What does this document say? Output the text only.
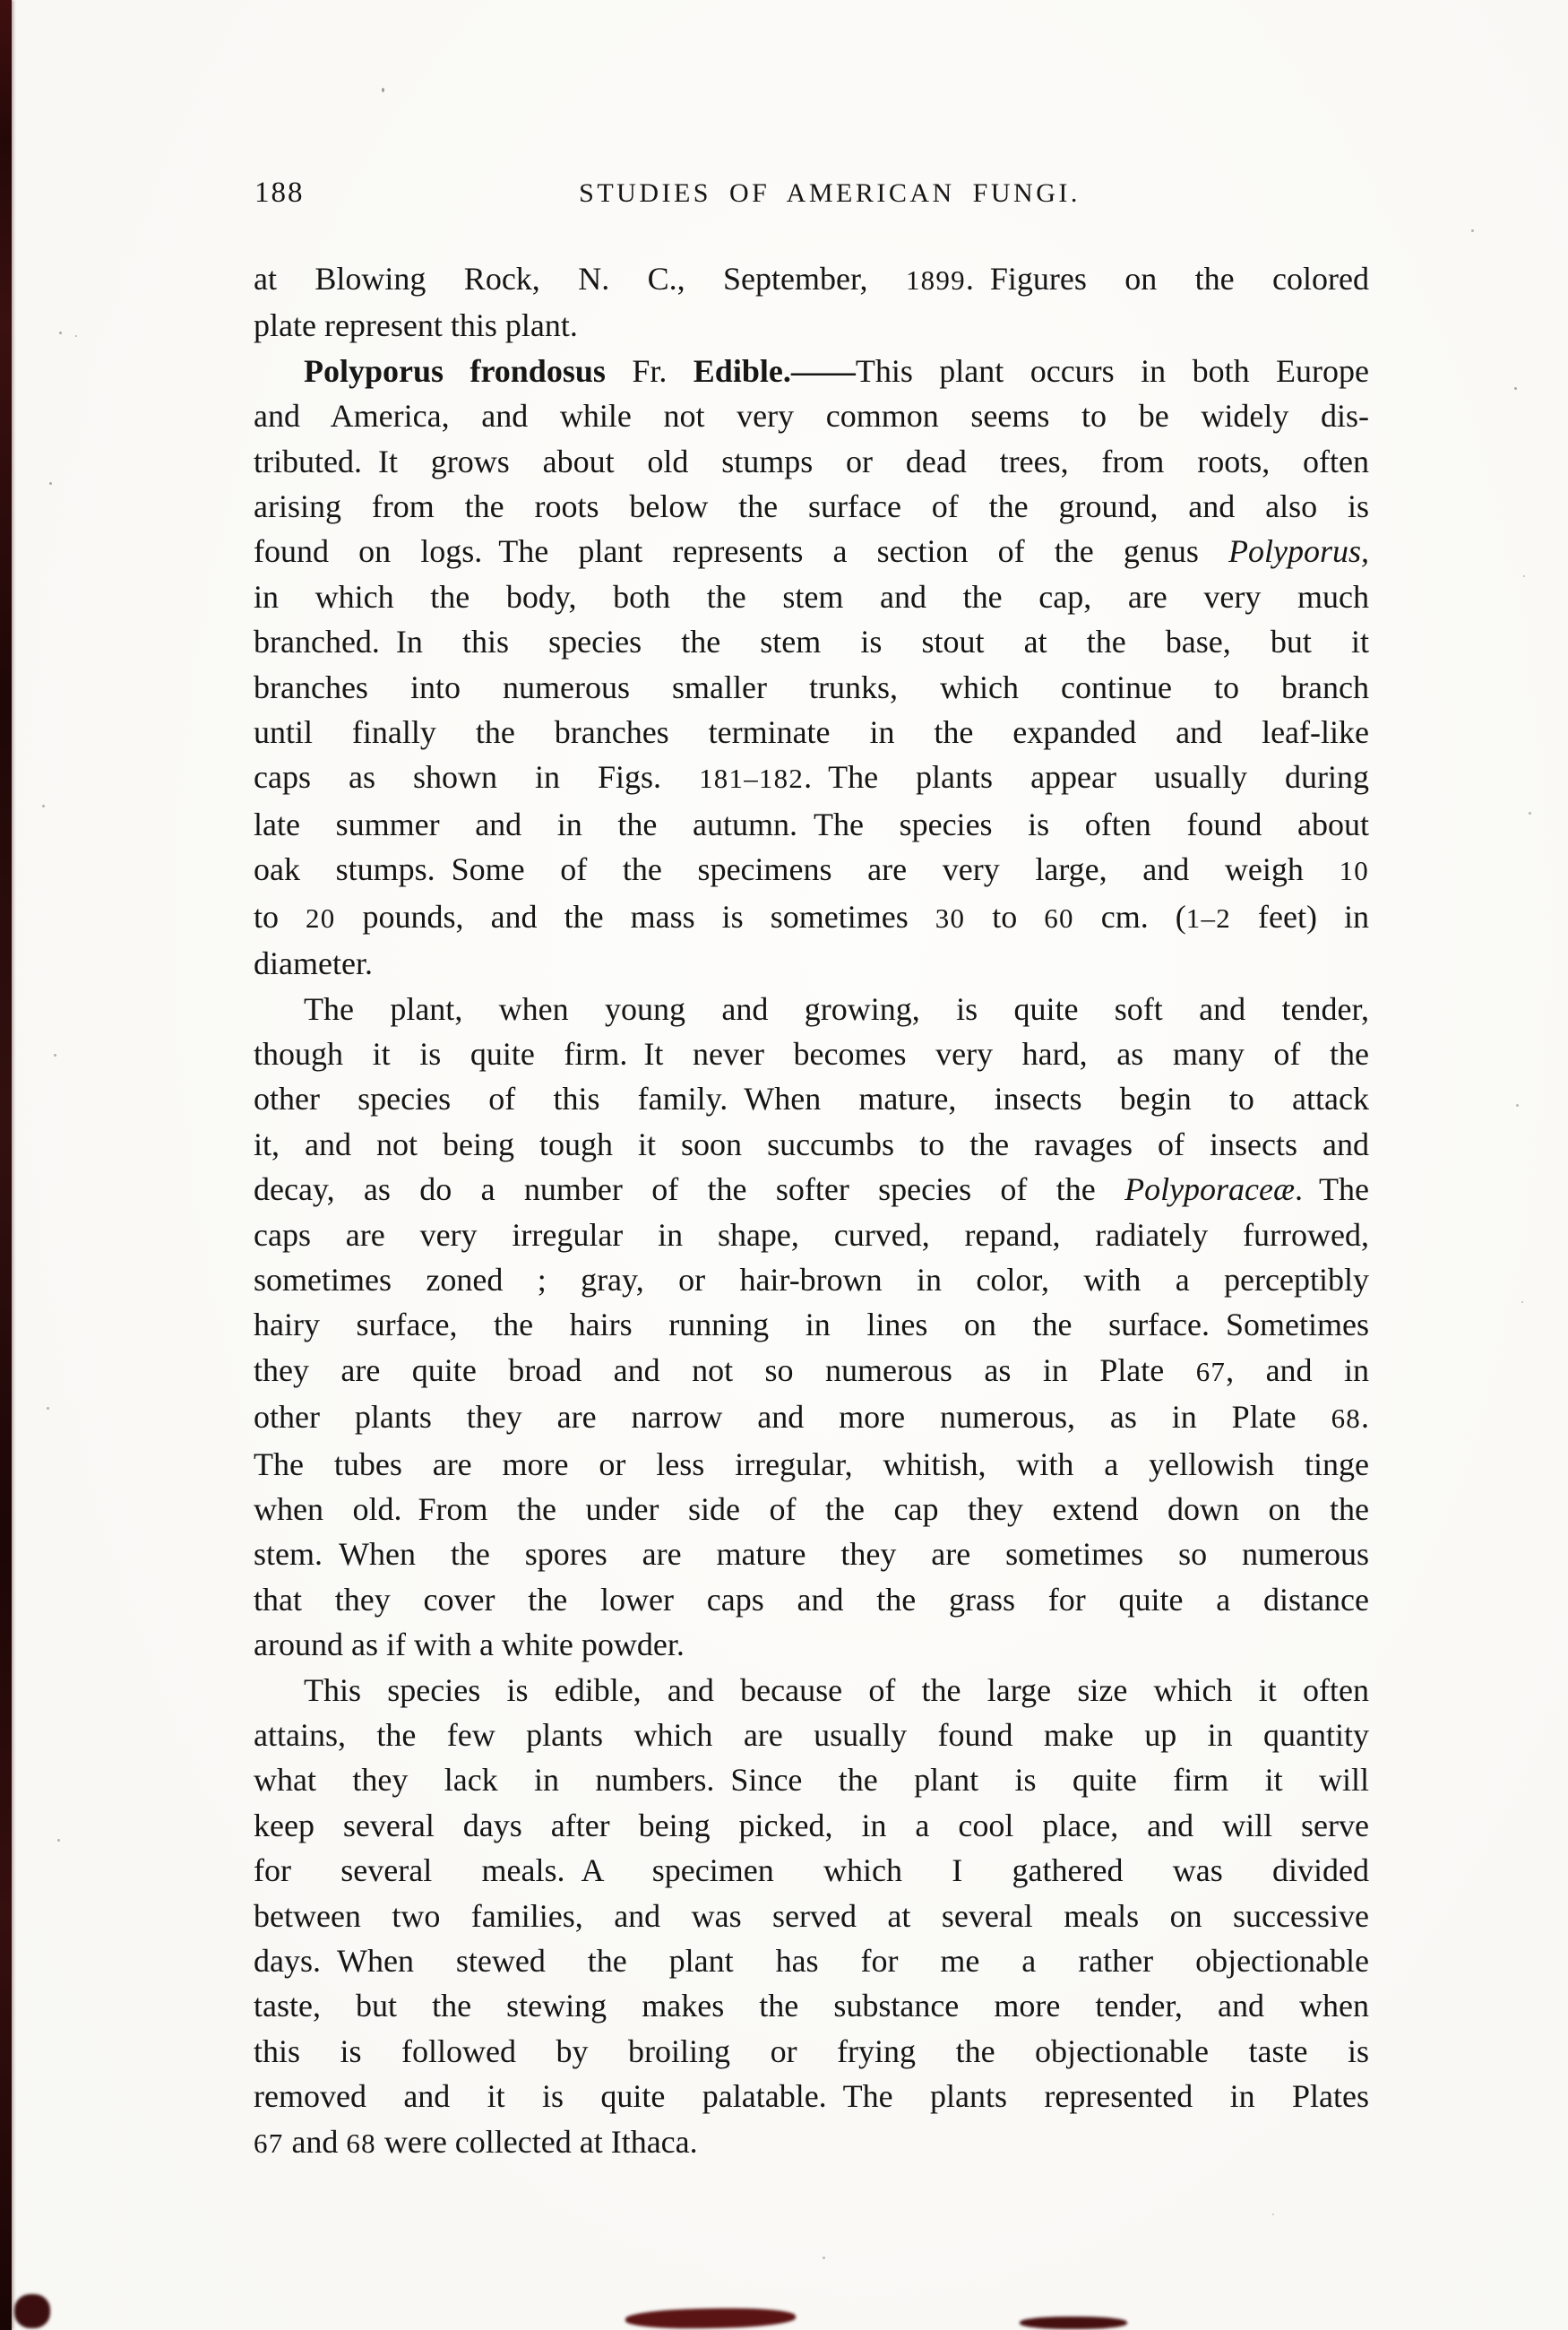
188	STUDIES OF AMERICAN FUNGI.
at Blowing Rock, N. C., September, 1899. Figures on the colored
plate represent this plant.
Polyporus frondosus Fr. Edible.——This plant occurs in both Europe
and America, and while not very common seems to be widely dis-
tributed. It grows about old stumps or dead trees, from roots, often
arising from the roots below the surface of the ground, and also is
found on logs. The plant represents a section of the genus Polyporus,
in which the body, both the stem and the cap, are very much
branched. In this species the stem is stout at the base, but it
branches into numerous smaller trunks, which continue to branch
until finally the branches terminate in the expanded and leaf-like
caps as shown in Figs. 181–182. The plants appear usually during
late summer and in the autumn. The species is often found about
oak stumps. Some of the specimens are very large, and weigh 10
to 20 pounds, and the mass is sometimes 30 to 60 cm. (1–2 feet) in
diameter.
The plant, when young and growing, is quite soft and tender,
though it is quite firm. It never becomes very hard, as many of the
other species of this family. When mature, insects begin to attack
it, and not being tough it soon succumbs to the ravages of insects and
decay, as do a number of the softer species of the Polyporaceæ. The
caps are very irregular in shape, curved, repand, radiately furrowed,
sometimes zoned ; gray, or hair-brown in color, with a perceptibly
hairy surface, the hairs running in lines on the surface. Sometimes
they are quite broad and not so numerous as in Plate 67, and in
other plants they are narrow and more numerous, as in Plate 68.
The tubes are more or less irregular, whitish, with a yellowish tinge
when old. From the under side of the cap they extend down on the
stem. When the spores are mature they are sometimes so numerous
that they cover the lower caps and the grass for quite a distance
around as if with a white powder.
This species is edible, and because of the large size which it often
attains, the few plants which are usually found make up in quantity
what they lack in numbers. Since the plant is quite firm it will
keep several days after being picked, in a cool place, and will serve
for several meals. A specimen which I gathered was divided
between two families, and was served at several meals on successive
days. When stewed the plant has for me a rather objectionable
taste, but the stewing makes the substance more tender, and when
this is followed by broiling or frying the objectionable taste is
removed and it is quite palatable. The plants represented in Plates
67 and 68 were collected at Ithaca.
